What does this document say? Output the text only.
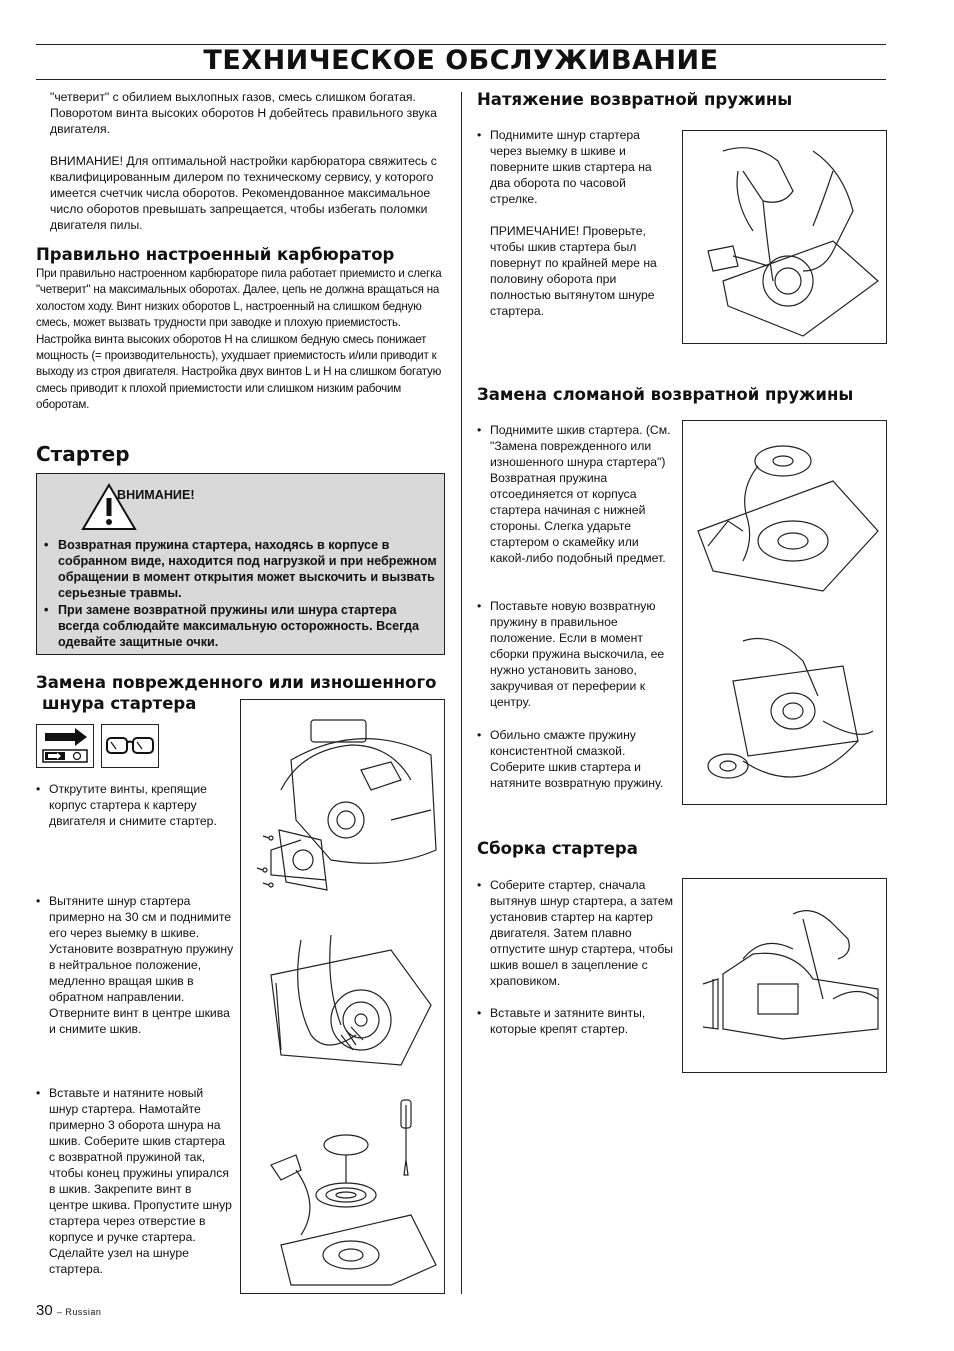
ТЕХНИЧЕСКОЕ ОБСЛУЖИВАНИЕ

"четверит" с обилием выхлопных газов, смесь слишком богатая. Поворотом винта высоких оборотов H добейтесь правильного звука двигателя.

ВНИМАНИЕ! Для оптимальной настройки карбюратора свяжитесь с квалифицированным дилером по техническому сервису, у которого имеется счетчик числа оборотов. Рекомендованное максимальное число оборотов превышать запрещается, чтобы избегать поломки двигателя пилы.

Правильно настроенный карбюратор
При правильно настроенном карбюраторе пила работает приемисто и слегка "четверит" на максимальных оборотах. Далее, цепь не должна вращаться на холостом ходу. Винт низких оборотов L, настроенный на слишком бедную смесь, может вызвать трудности при заводке и плохую приемистость. Настройка винта высоких оборотов H на слишком бедную смесь понижает мощность (= производительность), ухудшает приемистость и/или приводит к выходу из строя двигателя. Настройка двух винтов L и H на слишком богатую смесь приводит к плохой приемистости или слишком низким рабочим оборотам.
Стартер
ВНИМАНИЕ!
• Возвратная пружина стартера, находясь в корпусе в собранном виде, находится под нагрузкой и при небрежном обращении в момент открытия может выскочить и вызвать серьезные травмы.
• При замене возвратной пружины или шнура стартера всегда соблюдайте максимальную осторожность. Всегда одевайте защитные очки.
Замена поврежденного или изношенного
шнура стартера
• Открутите винты, крепящие корпус стартера к картеру двигателя и снимите стартер.
• Вытяните шнур стартера примерно на 30 см и поднимите его через выемку в шкиве. Установите возвратную пружину в нейтральное положение, медленно вращая шкив в обратном направлении. Отверните винт в центре шкива и снимите шкив.
• Вставьте и натяните новый шнур стартера. Намотайте примерно 3 оборота шнура на шкив. Соберите шкив стартера с возвратной пружиной так, чтобы конец пружины упирался в шкив. Закрепите винт в центре шкива. Пропустите шнур стартера через отверстие в корпусе и ручке стартера. Сделайте узел на шнуре стартера.
Натяжение возвратной пружины
• Поднимите шнур стартера через выемку в шкиве и поверните шкив стартера на два оборота по часовой стрелке.

ПРИМЕЧАНИЕ! Проверьте, чтобы шкив стартера был повернут по крайней мере на половину оборота при полностью вытянутом шнуре стартера.

Замена сломаной возвратной пружины
• Поднимите шкив стартера. (См. "Замена поврежденного или изношенного шнура стартера") Возвратная пружина отсоединяется от корпуса стартера начиная с нижней стороны. Слегка ударьте стартером о скамейку или какой-либо подобный предмет.
• Поставьте новую возвратную пружину в правильное положение. Если в момент сборки пружина выскочила, ее нужно установить заново, закручивая от переферии к центру.
• Обильно смажте пружину консистентной смазкой. Соберите шкив стартера и натяните возвратную пружину.
Сборка стартера
• Соберите стартер, сначала вытянув шнур стартера, а затем установив стартер на картер двигателя. Затем плавно отпустите шнур стартера, чтобы шкив вошел в зацепление с храповиком.
• Вставьте и затяните винты, которые крепят стартер.
30 – Russian
